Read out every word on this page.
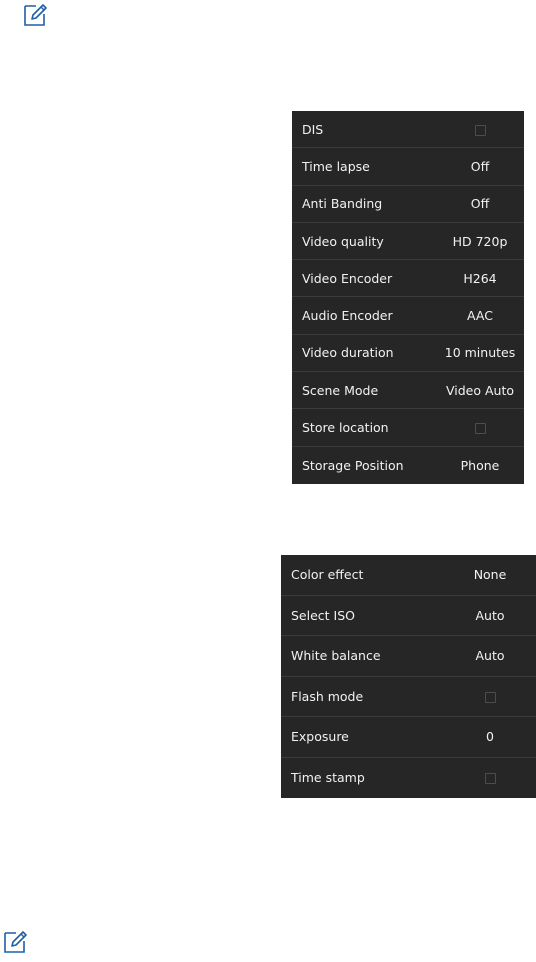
DIS
Time lapse	Off
Anti Banding	Off
Video quality	HD 720p
Video Encoder	H264
Audio Encoder	AAC
Video duration	10 minutes
Scene Mode	Video Auto
Store location
Storage Position	Phone
Color effect	None
Select ISO	Auto
White balance	Auto
Flash mode
Exposure	0
Time stamp
